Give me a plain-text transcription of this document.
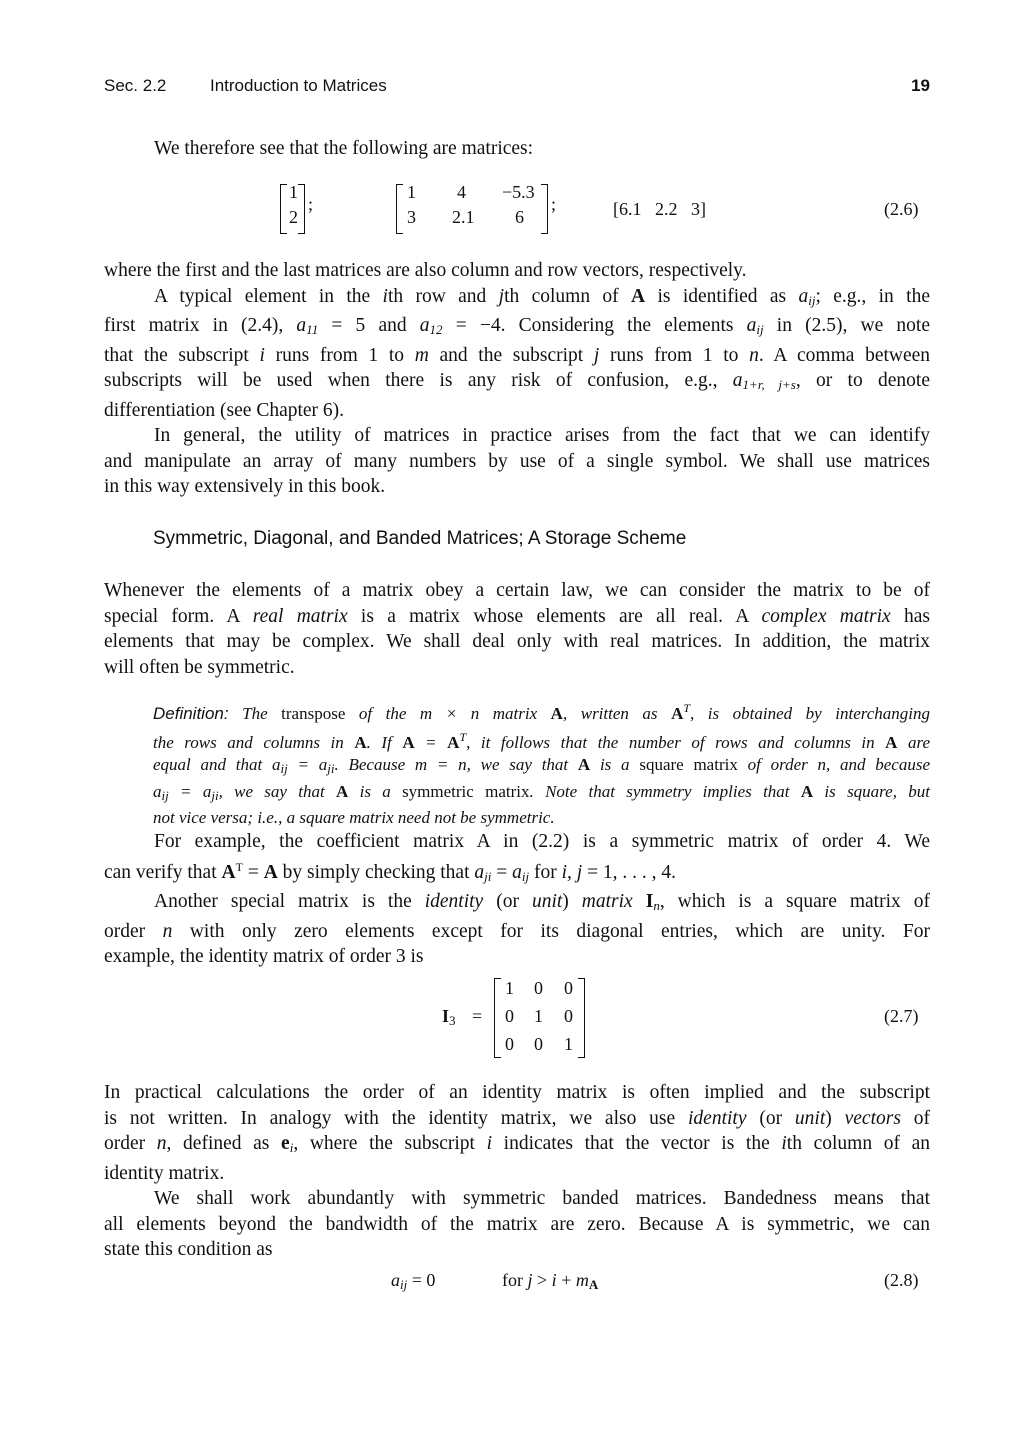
Sec. 2.2	Introduction to Matrices	19
We therefore see that the following are matrices:
1
2
;
1 4 −5.3
3 2.1 6
;	[6.1   2.2   3]	(2.6)
where the first and the last matrices are also column and row vectors, respectively.
A typical element in the ith row and jth column of A is identified as $a_{ij}$; e.g., in the
first matrix in (2.4), $a_{11} = 5$ and $a_{12} = -4$. Considering the elements $a_{ij}$ in (2.5), we note
that the subscript i runs from 1 to m and the subscript j runs from 1 to n. A comma between
subscripts will be used when there is any risk of confusion, e.g., $a_{1+r, j+s}$, or to denote
differentiation (see Chapter 6).
In general, the utility of matrices in practice arises from the fact that we can identify
and manipulate an array of many numbers by use of a single symbol. We shall use matrices
in this way extensively in this book.
Symmetric, Diagonal, and Banded Matrices; A Storage Scheme
Whenever the elements of a matrix obey a certain law, we can consider the matrix to be of
special form. A real matrix is a matrix whose elements are all real. A complex matrix has
elements that may be complex. We shall deal only with real matrices. In addition, the matrix
will often be symmetric.
Definition: The transpose of the m × n matrix A, written as $A^T$, is obtained by interchanging
the rows and columns in A. If $A = A^T$, it follows that the number of rows and columns in A are
equal and that $a_{ij} = a_{ji}$. Because m = n, we say that A is a square matrix of order n, and because
$a_{ij} = a_{ji}$, we say that A is a symmetric matrix. Note that symmetry implies that A is square, but
not vice versa; i.e., a square matrix need not be symmetric.
For example, the coefficient matrix A in (2.2) is a symmetric matrix of order 4. We
can verify that $A^T = A$ by simply checking that $a_{ji} = a_{ij}$ for i, j = 1, . . . , 4.
Another special matrix is the identity (or unit) matrix $I_n$, which is a square matrix of
order n with only zero elements except for its diagonal entries, which are unity. For
example, the identity matrix of order 3 is
$I_3$ =
1 0 0
0 1 0
0 0 1
(2.7)
In practical calculations the order of an identity matrix is often implied and the subscript
is not written. In analogy with the identity matrix, we also use identity (or unit) vectors of
order n, defined as $e_i$, where the subscript i indicates that the vector is the ith column of an
identity matrix.
We shall work abundantly with symmetric banded matrices. Bandedness means that
all elements beyond the bandwidth of the matrix are zero. Because A is symmetric, we can
state this condition as
$a_{ij} = 0$	for $j > i + m_A$	(2.8)
